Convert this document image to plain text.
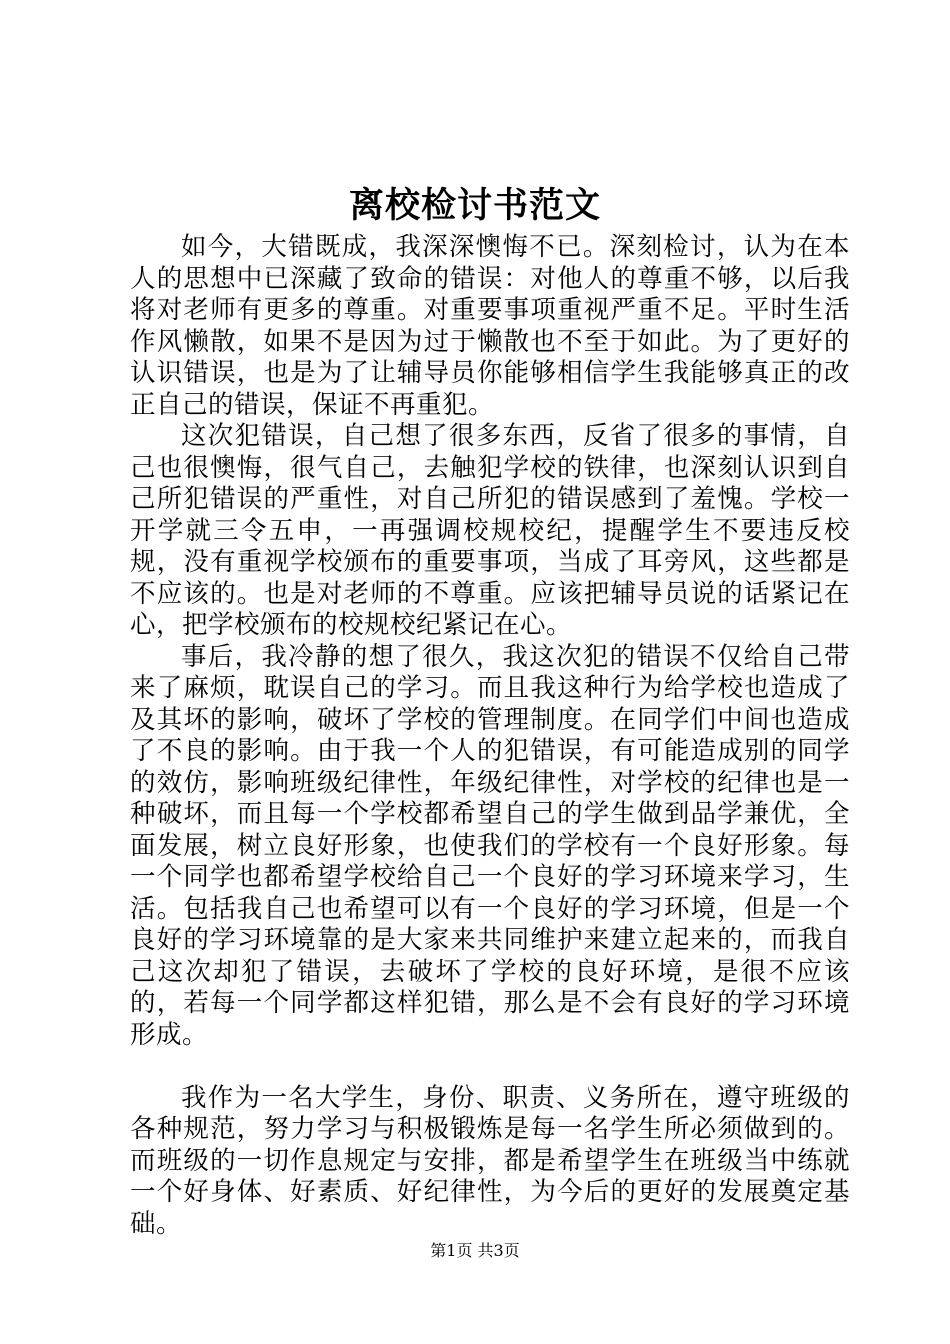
离校检讨书范文

如今，大错既成，我深深懊悔不已。深刻检讨，认为在本人的思想中已深藏了致命的错误：对他人的尊重不够，以后我将对老师有更多的尊重。对重要事项重视严重不足。平时生活作风懒散，如果不是因为过于懒散也不至于如此。为了更好的认识错误，也是为了让辅导员你能够相信学生我能够真正的改正自己的错误，保证不再重犯。

这次犯错误，自己想了很多东西，反省了很多的事情，自己也很懊悔，很气自己，去触犯学校的铁律，也深刻认识到自己所犯错误的严重性，对自己所犯的错误感到了羞愧。学校一开学就三令五申，一再强调校规校纪，提醒学生不要违反校规，没有重视学校颁布的重要事项，当成了耳旁风，这些都是不应该的。也是对老师的不尊重。应该把辅导员说的话紧记在心，把学校颁布的校规校纪紧记在心。

事后，我冷静的想了很久，我这次犯的错误不仅给自己带来了麻烦，耽误自己的学习。而且我这种行为给学校也造成了及其坏的影响，破坏了学校的管理制度。在同学们中间也造成了不良的影响。由于我一个人的犯错误，有可能造成别的同学的效仿，影响班级纪律性，年级纪律性，对学校的纪律也是一种破坏，而且每一个学校都希望自己的学生做到品学兼优，全面发展，树立良好形象，也使我们的学校有一个良好形象。每一个同学也都希望学校给自己一个良好的学习环境来学习，生活。包括我自己也希望可以有一个良好的学习环境，但是一个良好的学习环境靠的是大家来共同维护来建立起来的，而我自己这次却犯了错误，去破坏了学校的良好环境，是很不应该的，若每一个同学都这样犯错，那么是不会有良好的学习环境形成。

我作为一名大学生，身份、职责、义务所在，遵守班级的各种规范，努力学习与积极锻炼是每一名学生所必须做到的。而班级的一切作息规定与安排，都是希望学生在班级当中练就一个好身体、好素质、好纪律性，为今后的更好的发展奠定基础。

第1页 共3页
